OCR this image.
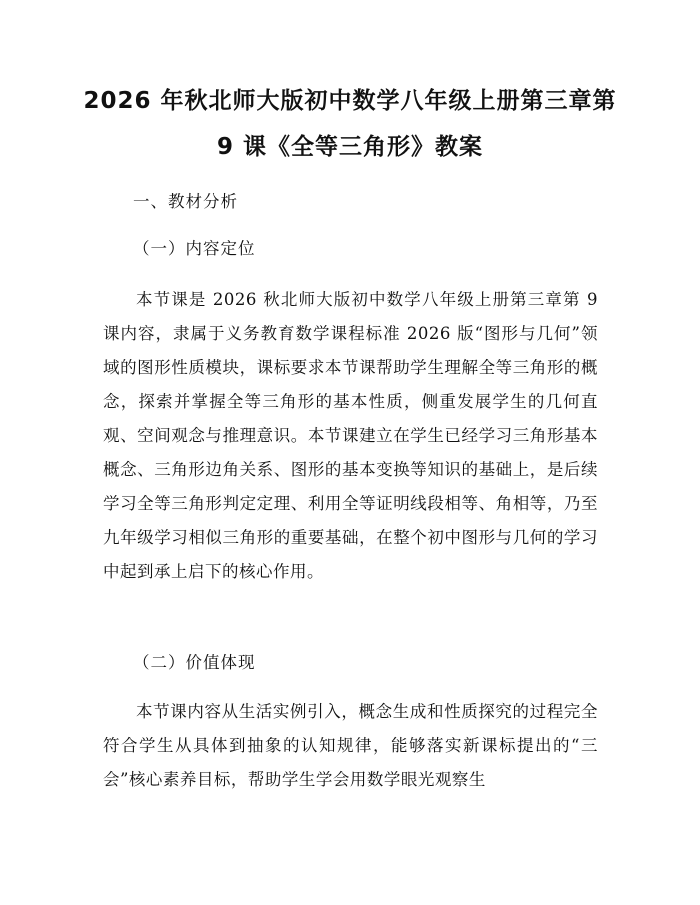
2026 年秋北师大版初中数学八年级上册第三章第 9 课《全等三角形》教案
一、教材分析
（一）内容定位
本节课是 2026 秋北师大版初中数学八年级上册第三章第 9 课内容，隶属于义务教育数学课程标准 2026 版“图形与几何”领域的图形性质模块，课标要求本节课帮助学生理解全等三角形的概念，探索并掌握全等三角形的基本性质，侧重发展学生的几何直观、空间观念与推理意识。本节课建立在学生已经学习三角形基本概念、三角形边角关系、图形的基本变换等知识的基础上，是后续学习全等三角形判定定理、利用全等证明线段相等、角相等，乃至九年级学习相似三角形的重要基础，在整个初中图形与几何的学习中起到承上启下的核心作用。
（二）价值体现
本节课内容从生活实例引入，概念生成和性质探究的过程完全符合学生从具体到抽象的认知规律，能够落实新课标提出的“三会”核心素养目标，帮助学生学会用数学眼光观察生
